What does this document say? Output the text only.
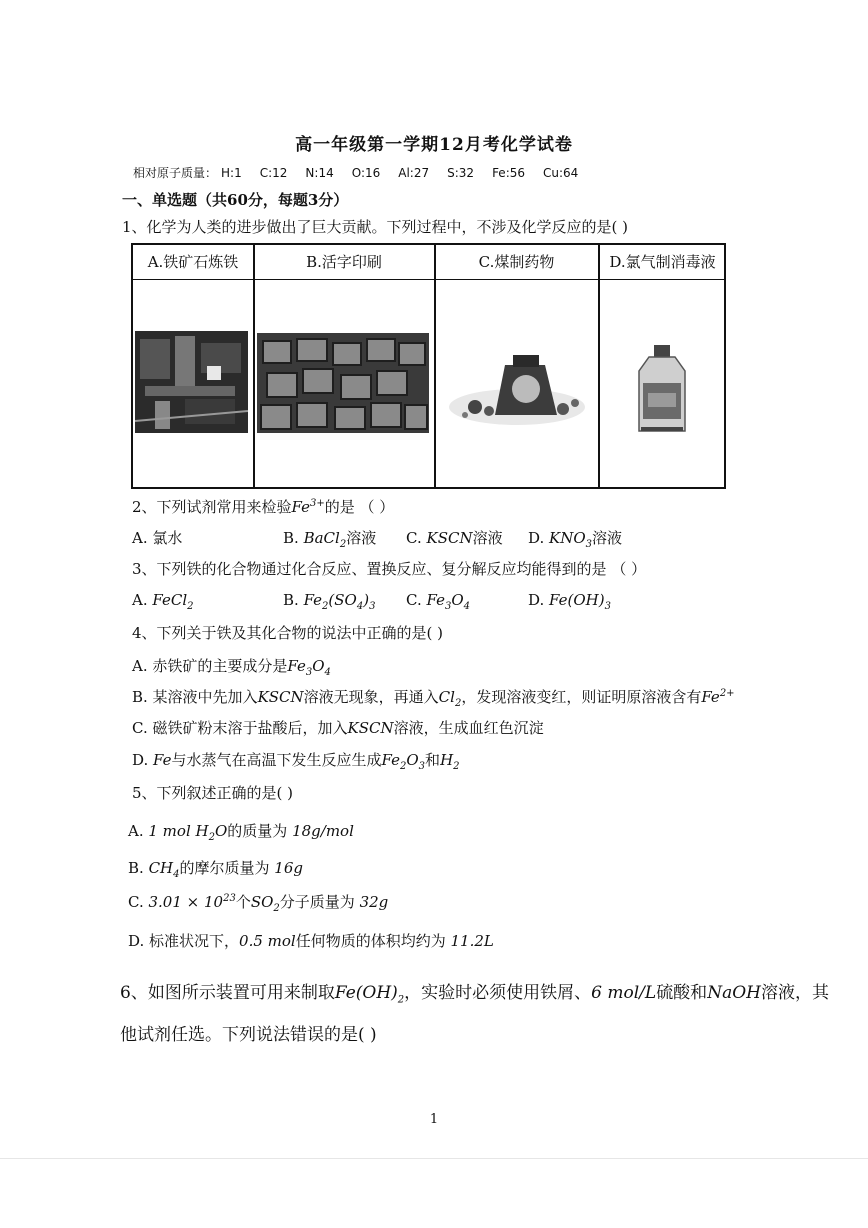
高一年级第一学期12月考化学试卷
相对原子质量： H:1 C:12 N:14 O:16 Al:27 S:32 Fe:56 Cu:64
一、单选题（共60分，每题3分）
1、化学为人类的进步做出了巨大贡献。下列过程中，不涉及化学反应的是( )
A.铁矿石炼铁	B.活字印刷	C.煤制药物	D.氯气制消毒液
2、下列试剂常用来检验$Fe^{3+}$的是 （ ）
A. 氯水	B. BaCl$_2$溶液 C. KSCN溶液 D. $KNO_3$溶液
3、下列铁的化合物通过化合反应、置换反应、复分解反应均能得到的是 （ ）
A. FeCl$_2$	B. $Fe_2(SO_4)_3$ C. $Fe_3O_4$	D. $Fe(OH)_3$
4、下列关于铁及其化合物的说法中正确的是( )
A. 赤铁矿的主要成分是$Fe_3O_4$
B. 某溶液中先加入KSCN溶液无现象，再通入$Cl_2$，发现溶液变红，则证明原溶液含有$Fe^{2+}$
C. 磁铁矿粉末溶于盐酸后，加入KSCN溶液，生成血红色沉淀
D. Fe与水蒸气在高温下发生反应生成$Fe_2O_3$和$H_2$
5、下列叙述正确的是( )
A. 1 mol $H_2O$的质量为 18g/mol
B. $CH_4$的摩尔质量为 16g
C. $3.01 \times 10^{23}$个$SO_2$分子质量为 32g
D. 标准状况下，0.5 mol任何物质的体积均约为 11.2L
6、如图所示装置可用来制取$Fe(OH)_2$，实验时必须使用铁屑、6 mol/L硫酸和NaOH溶液，其
他试剂任选。下列说法错误的是( )
1
